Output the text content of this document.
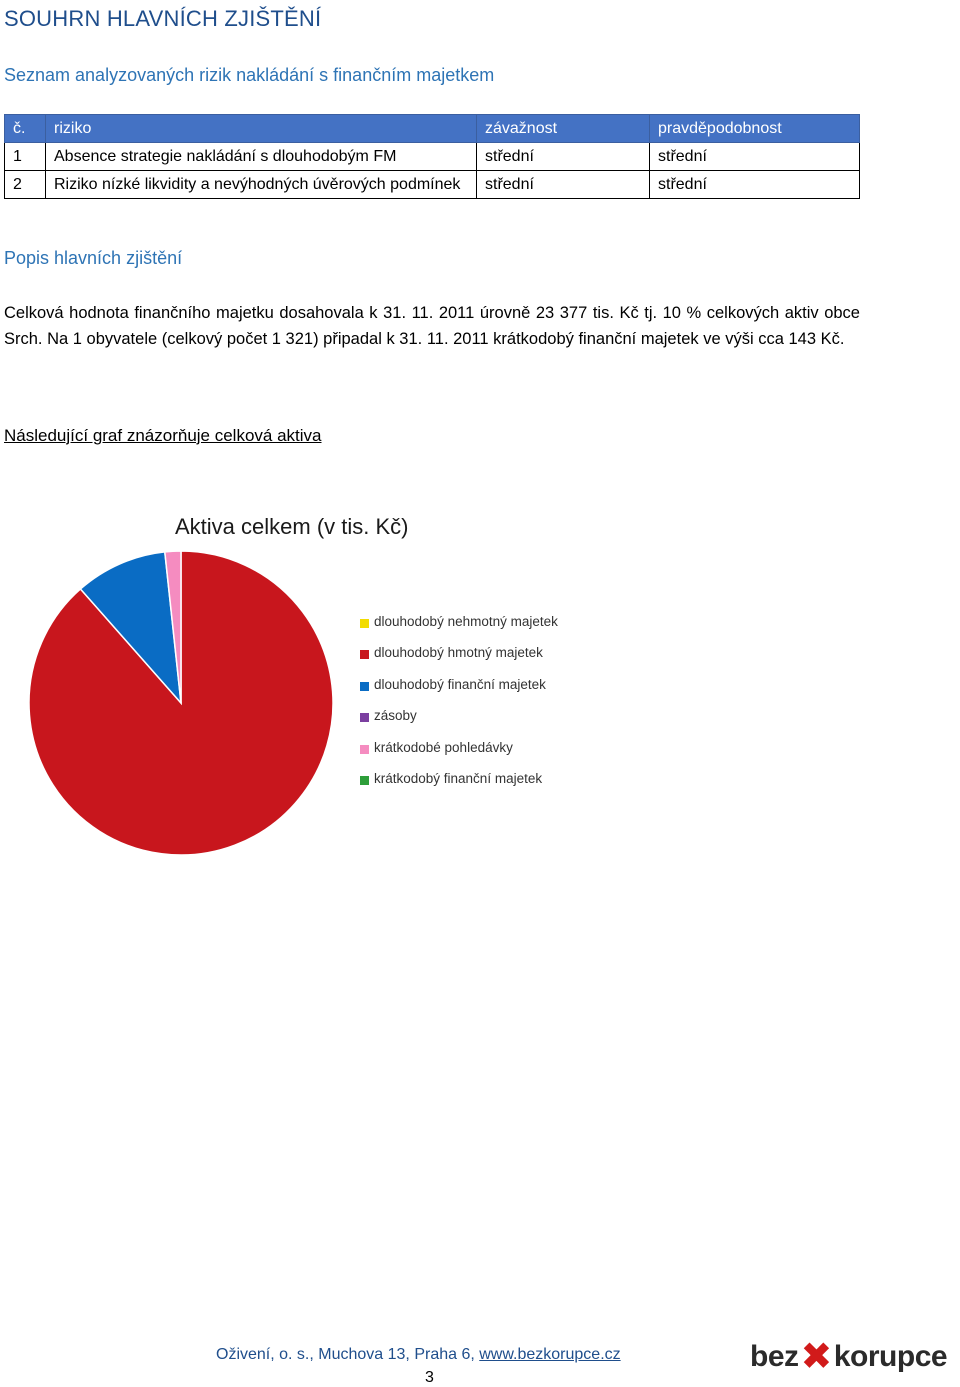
SOUHRN HLAVNÍCH ZJIŠTĚNÍ
Seznam analyzovaných rizik nakládání s finančním majetkem
č.	riziko	závažnost	pravděpodobnost
1	Absence strategie nakládání s dlouhodobým FM	střední	střední
2	Riziko nízké likvidity a nevýhodných úvěrových podmínek	střední	střední
Popis hlavních zjištění
Celková hodnota finančního majetku dosahovala k 31. 11. 2011 úrovně 23 377 tis. Kč tj. 10 % celkových aktiv obce Srch. Na 1 obyvatele (celkový počet 1 321) připadal k 31. 11. 2011 krátkodobý finanční majetek ve výši cca 143 Kč.
Následující graf znázorňuje celková aktiva
Aktiva celkem (v tis. Kč)
dlouhodobý nehmotný majetek
dlouhodobý hmotný majetek
dlouhodobý finanční majetek
zásoby
krátkodobé pohledávky
krátkodobý finanční majetek
Oživení, o. s., Muchova 13, Praha 6, www.bezkorupce.cz
3
bez ✖ korupce
